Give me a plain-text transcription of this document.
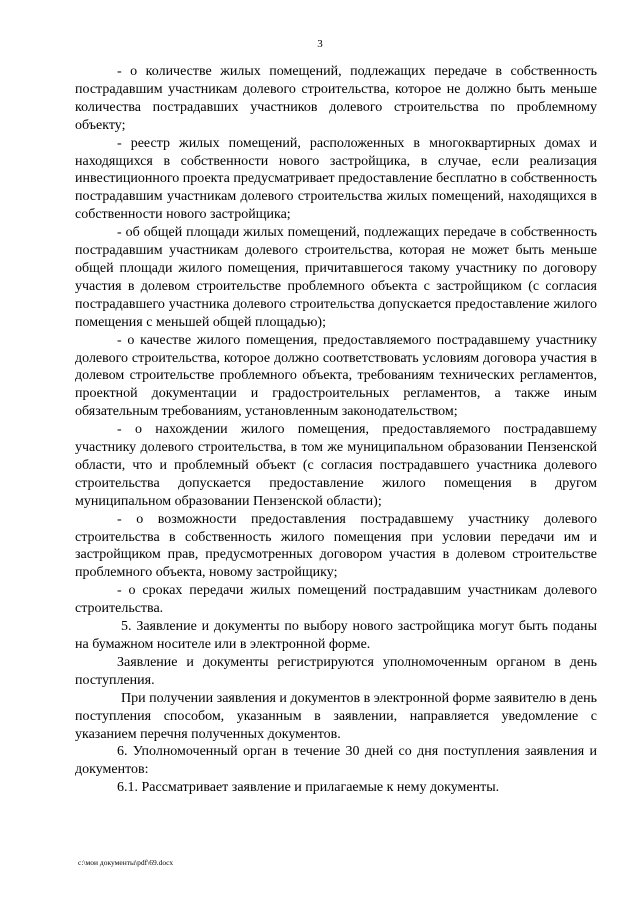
3

- о количестве жилых помещений, подлежащих передаче в собственность пострадавшим участникам долевого строительства, которое не должно быть меньше количества пострадавших участников долевого строительства по проблемному объекту;

- реестр жилых помещений, расположенных в многоквартирных домах и находящихся в собственности нового застройщика, в случае, если реализация инвестиционного проекта предусматривает предоставление бесплатно в собственность пострадавшим участникам долевого строительства жилых помещений, находящихся в собственности нового застройщика;

- об общей площади жилых помещений, подлежащих передаче в собственность пострадавшим участникам долевого строительства, которая не может быть меньше общей площади жилого помещения, причитавшегося такому участнику по договору участия в долевом строительстве проблемного объекта с застройщиком (с согласия пострадавшего участника долевого строительства допускается предоставление жилого помещения с меньшей общей площадью);

- о качестве жилого помещения, предоставляемого пострадавшему участнику долевого строительства, которое должно соответствовать условиям договора участия в долевом строительстве проблемного объекта, требованиям технических регламентов, проектной документации и градостроительных регламентов, а также иным обязательным требованиям, установленным законодательством;

- о нахождении жилого помещения, предоставляемого пострадавшему участнику долевого строительства, в том же муниципальном образовании Пензенской области, что и проблемный объект (с согласия пострадавшего участника долевого строительства допускается предоставление жилого помещения в другом муниципальном образовании Пензенской области);

- о возможности предоставления пострадавшему участнику долевого строительства в собственность жилого помещения при условии передачи им и застройщиком прав, предусмотренных договором участия в долевом строительстве проблемного объекта, новому застройщику;

- о сроках передачи жилых помещений пострадавшим участникам долевого строительства.

5. Заявление и документы по выбору нового застройщика могут быть поданы на бумажном носителе или в электронной форме.

Заявление и документы регистрируются уполномоченным органом в день поступления.

При получении заявления и документов в электронной форме заявителю в день поступления способом, указанным в заявлении, направляется уведомление с указанием перечня полученных документов.

6. Уполномоченный орган в течение 30 дней со дня поступления заявления и документов:

6.1. Рассматривает заявление и прилагаемые к нему документы.

c:\мои документы\pdf\69.docx
